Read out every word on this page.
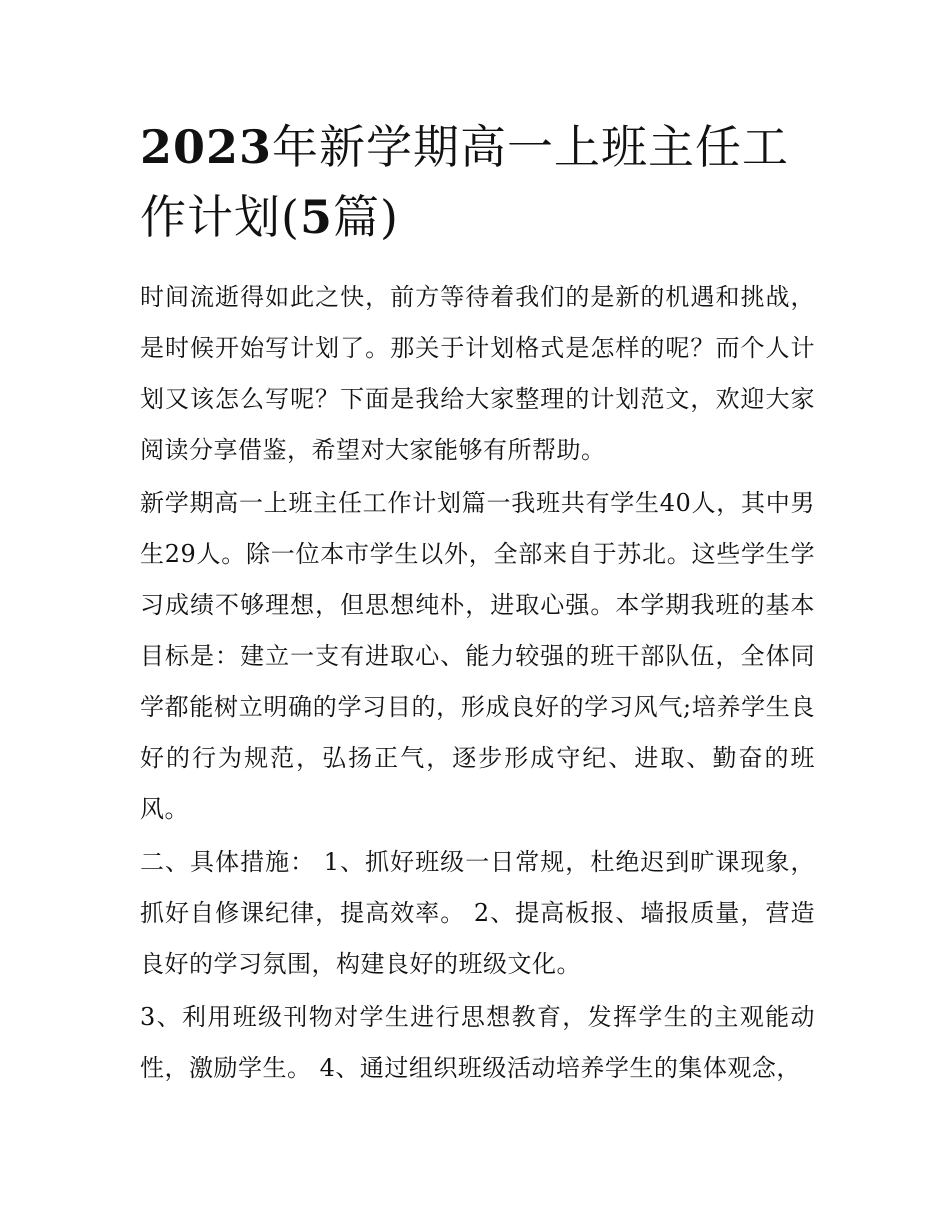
2023年新学期高一上班主任工作计划(5篇)

时间流逝得如此之快，前方等待着我们的是新的机遇和挑战，是时候开始写计划了。那关于计划格式是怎样的呢？而个人计划又该怎么写呢？下面是我给大家整理的计划范文，欢迎大家阅读分享借鉴，希望对大家能够有所帮助。

新学期高一上班主任工作计划篇一我班共有学生40人，其中男生29人。除一位本市学生以外，全部来自于苏北。这些学生学习成绩不够理想，但思想纯朴，进取心强。本学期我班的基本目标是：建立一支有进取心、能力较强的班干部队伍，全体同学都能树立明确的学习目的，形成良好的学习风气;培养学生良好的行为规范，弘扬正气，逐步形成守纪、进取、勤奋的班风。

二、具体措施： 1、抓好班级一日常规，杜绝迟到旷课现象，抓好自修课纪律，提高效率。 2、提高板报、墙报质量，营造良好的学习氛围，构建良好的班级文化。

3、利用班级刊物对学生进行思想教育，发挥学生的主观能动性，激励学生。 4、通过组织班级活动培养学生的集体观念，
